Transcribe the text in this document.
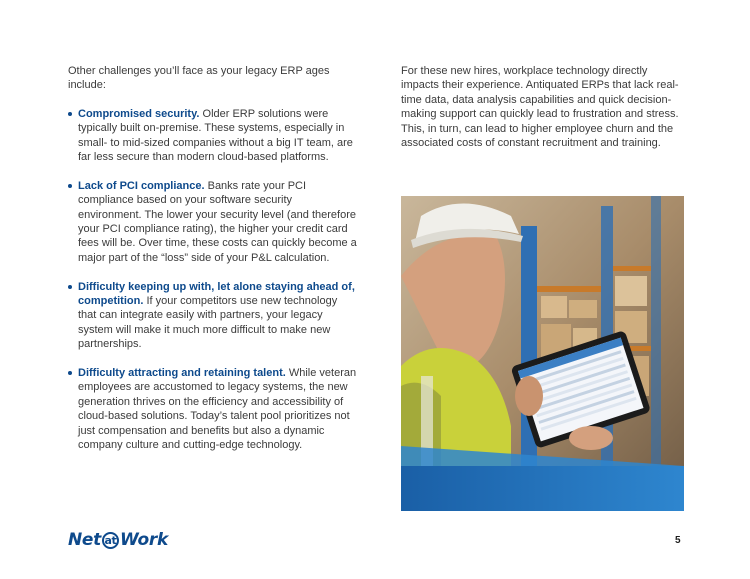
Other challenges you’ll face as your legacy ERP ages include:

Compromised security. Older ERP solutions were typically built on-premise. These systems, especially in small- to mid-sized companies without a big IT team, are far less secure than modern cloud-based platforms.
Lack of PCI compliance. Banks rate your PCI compliance based on your software security environment. The lower your security level (and therefore your PCI compliance rating), the higher your credit card fees will be. Over time, these costs can quickly become a major part of the “loss” side of your P&L calculation.
Difficulty keeping up with, let alone staying ahead of, competition. If your competitors use new technology that can integrate easily with partners, your legacy system will make it much more difficult to make new partnerships.
Difficulty attracting and retaining talent. While veteran employees are accustomed to legacy systems, the new generation thrives on the efficiency and accessibility of cloud-based solutions. Today’s talent pool prioritizes not just compensation and benefits but also a dynamic company culture and cutting-edge technology.

For these new hires, workplace technology directly impacts their experience. Antiquated ERPs that lack real-time data, data analysis capabilities and quick decision-making support can quickly lead to frustration and stress. This, in turn, can lead to higher employee churn and the associated costs of constant recruitment and training.

Net at Work	5
